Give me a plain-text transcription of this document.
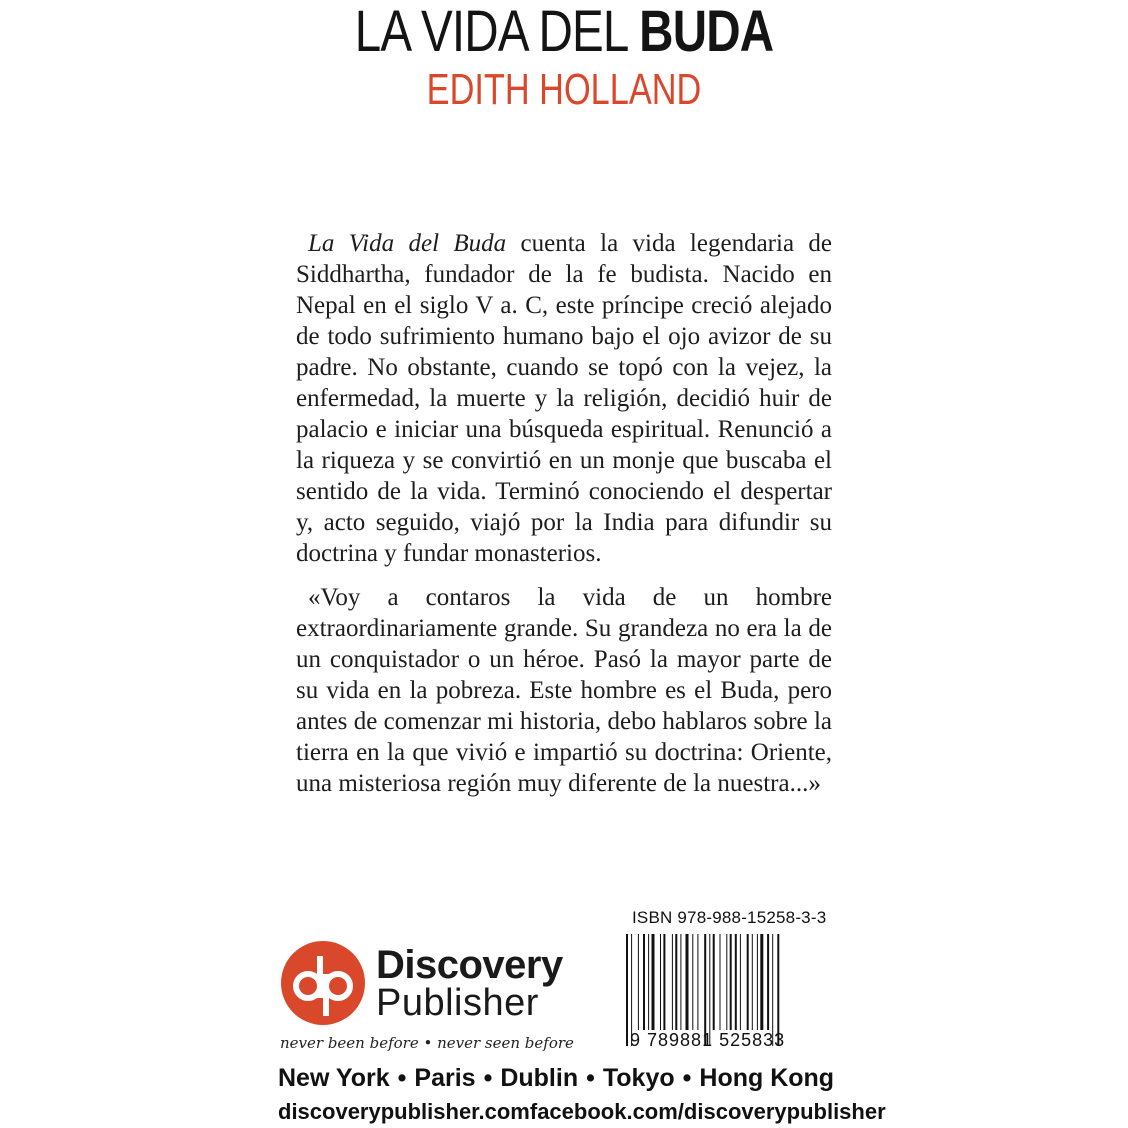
LA VIDA DEL BUDA
EDITH HOLLAND

La Vida del Buda cuenta la vida legendaria de Siddhartha, fundador de la fe budista. Nacido en Nepal en el siglo V a. C, este príncipe creció alejado de todo sufrimiento humano bajo el ojo avizor de su padre. No obstante, cuando se topó con la vejez, la enfermedad, la muerte y la religión, decidió huir de palacio e iniciar una búsqueda espiritual. Renunció a la riqueza y se convirtió en un monje que buscaba el sentido de la vida. Terminó conociendo el despertar y, acto seguido, viajó por la India para difundir su doctrina y fundar monasterios.

«Voy a contaros la vida de un hombre extraordinariamente grande. Su grandeza no era la de un conquistador o un héroe. Pasó la mayor parte de su vida en la pobreza. Este hombre es el Buda, pero antes de comenzar mi historia, debo hablaros sobre la tierra en la que vivió e impartió su doctrina: Oriente, una misteriosa región muy diferente de la nuestra...»

ISBN 978-988-15258-3-3
9 789881 525833
Discovery
Publisher
never been before • never seen before
New York • Paris • Dublin • Tokyo • Hong Kong
discoverypublisher.com facebook.com/discoverypublisher
